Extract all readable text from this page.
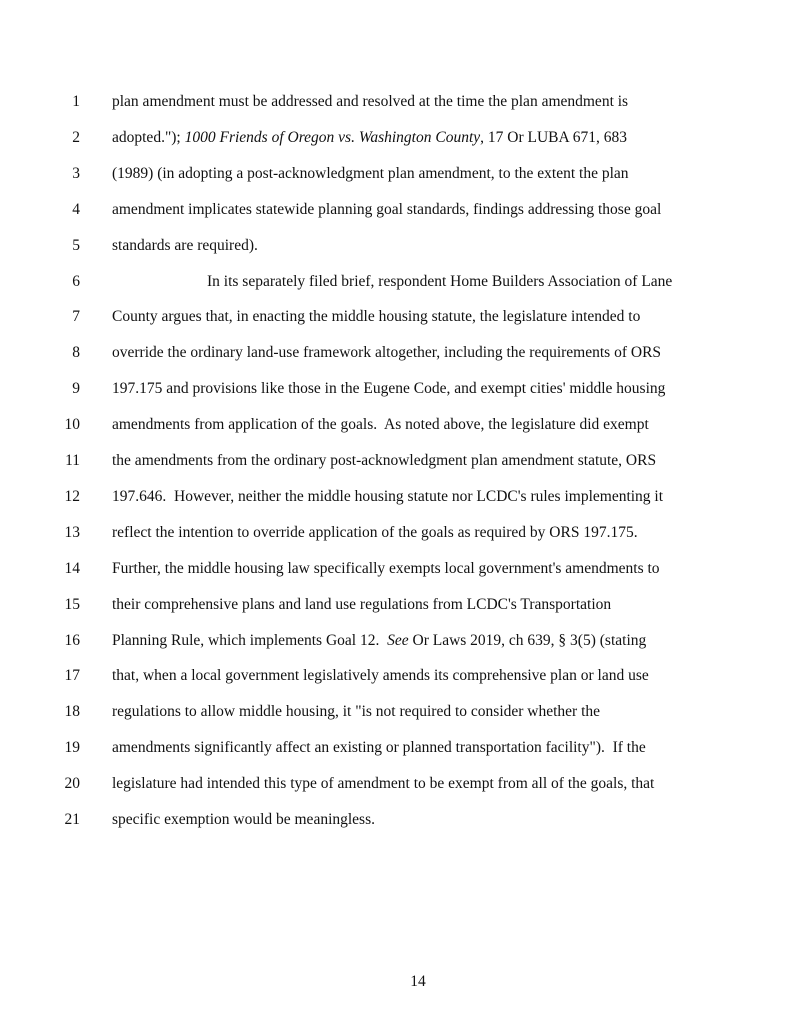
1 plan amendment must be addressed and resolved at the time the plan amendment is
2 adopted."); 1000 Friends of Oregon vs. Washington County, 17 Or LUBA 671, 683
3 (1989) (in adopting a post-acknowledgment plan amendment, to the extent the plan
4 amendment implicates statewide planning goal standards, findings addressing those goal
5 standards are required).
6	In its separately filed brief, respondent Home Builders Association of Lane
7 County argues that, in enacting the middle housing statute, the legislature intended to
8 override the ordinary land-use framework altogether, including the requirements of ORS
9 197.175 and provisions like those in the Eugene Code, and exempt cities' middle housing
10 amendments from application of the goals.  As noted above, the legislature did exempt
11 the amendments from the ordinary post-acknowledgment plan amendment statute, ORS
12 197.646.  However, neither the middle housing statute nor LCDC's rules implementing it
13 reflect the intention to override application of the goals as required by ORS 197.175.
14 Further, the middle housing law specifically exempts local government's amendments to
15 their comprehensive plans and land use regulations from LCDC's Transportation
16 Planning Rule, which implements Goal 12.  See Or Laws 2019, ch 639, § 3(5) (stating
17 that, when a local government legislatively amends its comprehensive plan or land use
18 regulations to allow middle housing, it "is not required to consider whether the
19 amendments significantly affect an existing or planned transportation facility").  If the
20 legislature had intended this type of amendment to be exempt from all of the goals, that
21 specific exemption would be meaningless.
14
